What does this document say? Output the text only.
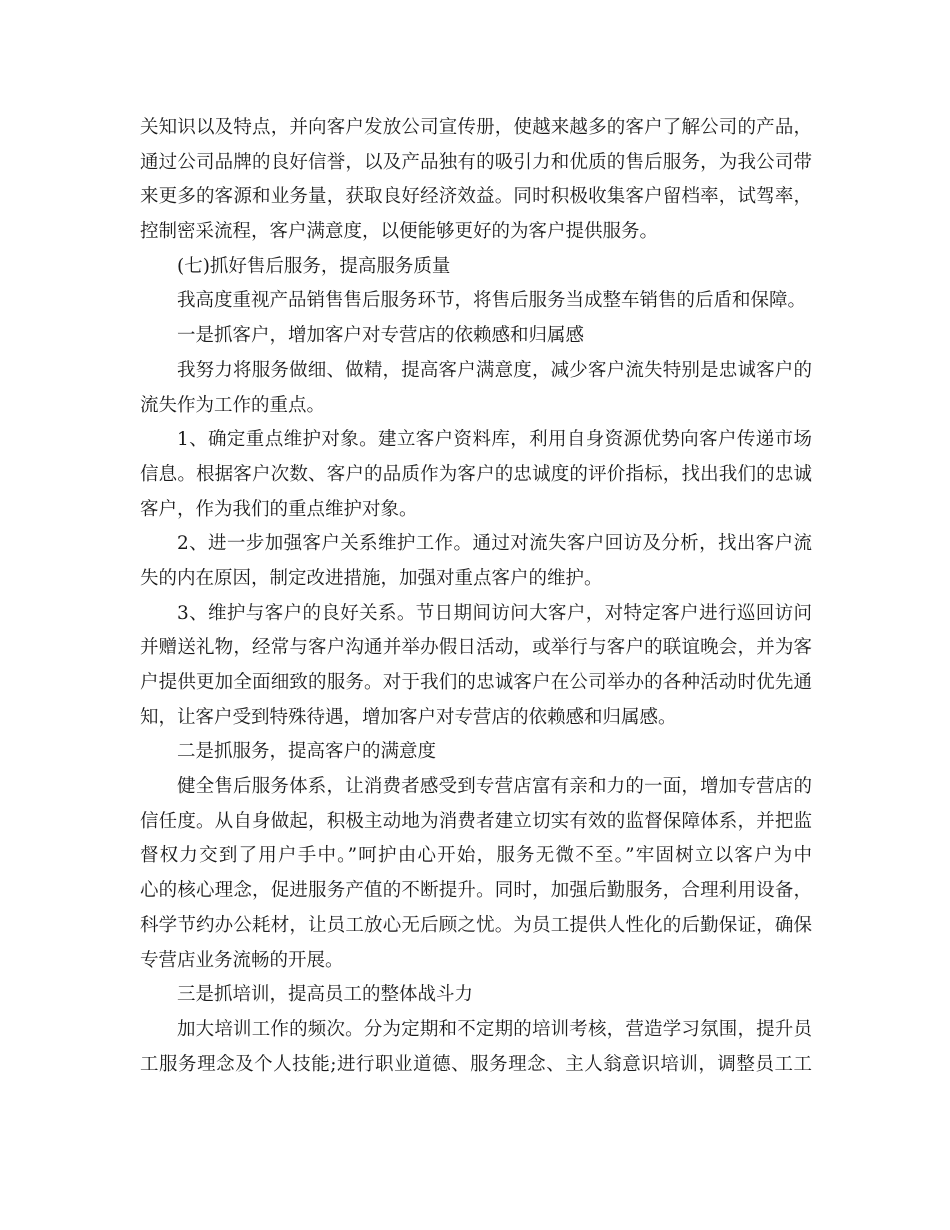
关知识以及特点，并向客户发放公司宣传册，使越来越多的客户了解公司的产品，
通过公司品牌的良好信誉，以及产品独有的吸引力和优质的售后服务，为我公司带
来更多的客源和业务量，获取良好经济效益。同时积极收集客户留档率，试驾率，
控制密采流程，客户满意度，以便能够更好的为客户提供服务。
(七)抓好售后服务，提高服务质量
我高度重视产品销售售后服务环节，将售后服务当成整车销售的后盾和保障。
一是抓客户，增加客户对专营店的依赖感和归属感
我努力将服务做细、做精，提高客户满意度，减少客户流失特别是忠诚客户的
流失作为工作的重点。
1、确定重点维护对象。建立客户资料库，利用自身资源优势向客户传递市场
信息。根据客户次数、客户的品质作为客户的忠诚度的评价指标，找出我们的忠诚
客户，作为我们的重点维护对象。
2、进一步加强客户关系维护工作。通过对流失客户回访及分析，找出客户流
失的内在原因，制定改进措施，加强对重点客户的维护。
3、维护与客户的良好关系。节日期间访问大客户，对特定客户进行巡回访问
并赠送礼物，经常与客户沟通并举办假日活动，或举行与客户的联谊晚会，并为客
户提供更加全面细致的服务。对于我们的忠诚客户在公司举办的各种活动时优先通
知，让客户受到特殊待遇，增加客户对专营店的依赖感和归属感。
二是抓服务，提高客户的满意度
健全售后服务体系，让消费者感受到专营店富有亲和力的一面，增加专营店的
信任度。从自身做起，积极主动地为消费者建立切实有效的监督保障体系，并把监
督权力交到了用户手中。”呵护由心开始，服务无微不至。”牢固树立以客户为中
心的核心理念，促进服务产值的不断提升。同时，加强后勤服务，合理利用设备，
科学节约办公耗材，让员工放心无后顾之忧。为员工提供人性化的后勤保证，确保
专营店业务流畅的开展。
三是抓培训，提高员工的整体战斗力
加大培训工作的频次。分为定期和不定期的培训考核，营造学习氛围，提升员
工服务理念及个人技能;进行职业道德、服务理念、主人翁意识培训，调整员工工
